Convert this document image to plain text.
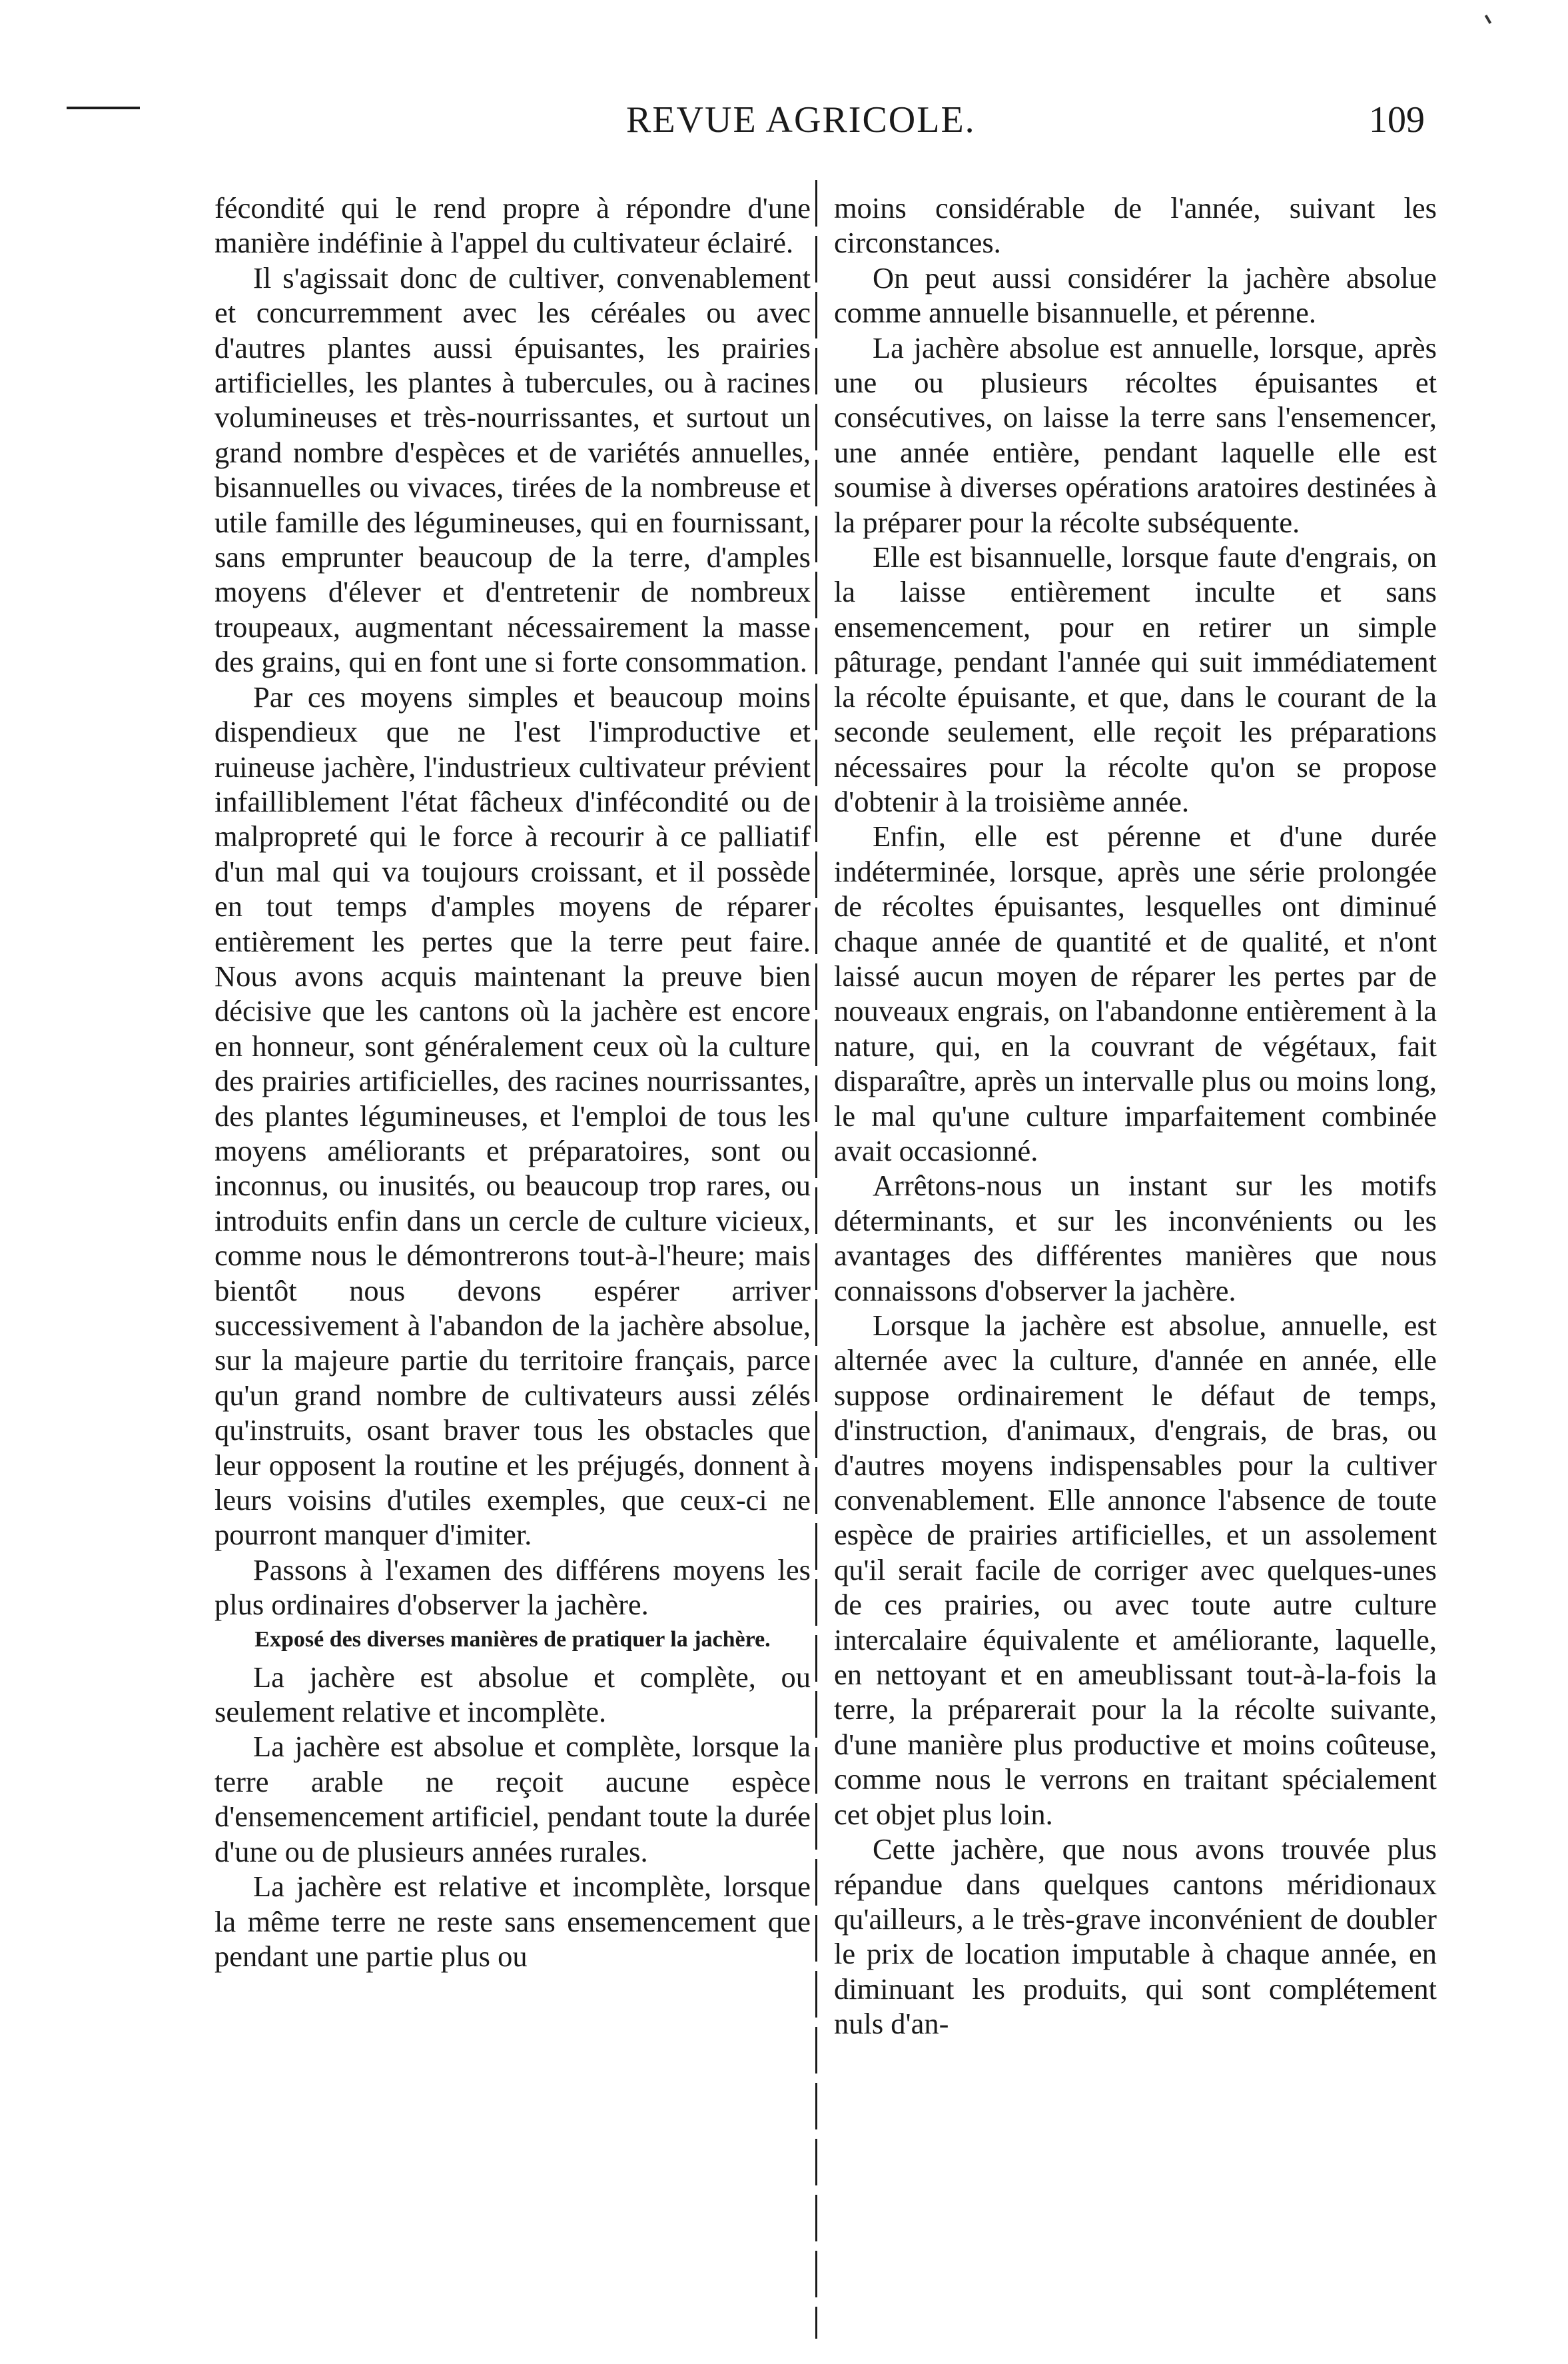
REVUE AGRICOLE.	109

fécondité qui le rend propre à répondre d'une manière indéfinie à l'appel du cultivateur éclairé.

Il s'agissait donc de cultiver, convenablement et concurremment avec les céréales ou avec d'autres plantes aussi épuisantes, les prairies artificielles, les plantes à tubercules, ou à racines volumineuses et très-nourrissantes, et surtout un grand nombre d'espèces et de variétés annuelles, bisannuelles ou vivaces, tirées de la nombreuse et utile famille des légumineuses, qui en fournissant, sans emprunter beaucoup de la terre, d'amples moyens d'élever et d'entretenir de nombreux troupeaux, augmentant nécessairement la masse des grains, qui en font une si forte consommation.

Par ces moyens simples et beaucoup moins dispendieux que ne l'est l'improductive et ruineuse jachère, l'industrieux cultivateur prévient infailliblement l'état fâcheux d'infécondité ou de malpropreté qui le force à recourir à ce palliatif d'un mal qui va toujours croissant, et il possède en tout temps d'amples moyens de réparer entièrement les pertes que la terre peut faire. Nous avons acquis maintenant la preuve bien décisive que les cantons où la jachère est encore en honneur, sont généralement ceux où la culture des prairies artificielles, des racines nourrissantes, des plantes légumineuses, et l'emploi de tous les moyens améliorants et préparatoires, sont ou inconnus, ou inusités, ou beaucoup trop rares, ou introduits enfin dans un cercle de culture vicieux, comme nous le démontrerons tout-à-l'heure; mais bientôt nous devons espérer arriver successivement à l'abandon de la jachère absolue, sur la majeure partie du territoire français, parce qu'un grand nombre de cultivateurs aussi zélés qu'instruits, osant braver tous les obstacles que leur opposent la routine et les préjugés, donnent à leurs voisins d'utiles exemples, que ceux-ci ne pourront manquer d'imiter.

Passons à l'examen des différens moyens les plus ordinaires d'observer la jachère.

Exposé des diverses manières de pratiquer la jachère.

La jachère est absolue et complète, ou seulement relative et incomplète.

La jachère est absolue et complète, lorsque la terre arable ne reçoit aucune espèce d'ensemencement artificiel, pendant toute la durée d'une ou de plusieurs années rurales.

La jachère est relative et incomplète, lorsque la même terre ne reste sans ensemencement que pendant une partie plus ou

moins considérable de l'année, suivant les circonstances.

On peut aussi considérer la jachère absolue comme annuelle bisannuelle, et pérenne.

La jachère absolue est annuelle, lorsque, après une ou plusieurs récoltes épuisantes et consécutives, on laisse la terre sans l'ensemencer, une année entière, pendant laquelle elle est soumise à diverses opérations aratoires destinées à la préparer pour la récolte subséquente.

Elle est bisannuelle, lorsque faute d'engrais, on la laisse entièrement inculte et sans ensemencement, pour en retirer un simple pâturage, pendant l'année qui suit immédiatement la récolte épuisante, et que, dans le courant de la seconde seulement, elle reçoit les préparations nécessaires pour la récolte qu'on se propose d'obtenir à la troisième année.

Enfin, elle est pérenne et d'une durée indéterminée, lorsque, après une série prolongée de récoltes épuisantes, lesquelles ont diminué chaque année de quantité et de qualité, et n'ont laissé aucun moyen de réparer les pertes par de nouveaux engrais, on l'abandonne entièrement à la nature, qui, en la couvrant de végétaux, fait disparaître, après un intervalle plus ou moins long, le mal qu'une culture imparfaitement combinée avait occasionné.

Arrêtons-nous un instant sur les motifs déterminants, et sur les inconvénients ou les avantages des différentes manières que nous connaissons d'observer la jachère.

Lorsque la jachère est absolue, annuelle, est alternée avec la culture, d'année en année, elle suppose ordinairement le défaut de temps, d'instruction, d'animaux, d'engrais, de bras, ou d'autres moyens indispensables pour la cultiver convenablement. Elle annonce l'absence de toute espèce de prairies artificielles, et un assolement qu'il serait facile de corriger avec quelques-unes de ces prairies, ou avec toute autre culture intercalaire équivalente et améliorante, laquelle, en nettoyant et en ameublissant tout-à-la-fois la terre, la préparerait pour la la récolte suivante, d'une manière plus productive et moins coûteuse, comme nous le verrons en traitant spécialement cet objet plus loin.

Cette jachère, que nous avons trouvée plus répandue dans quelques cantons méridionaux qu'ailleurs, a le très-grave inconvénient de doubler le prix de location imputable à chaque année, en diminuant les produits, qui sont complétement nuls d'an-
